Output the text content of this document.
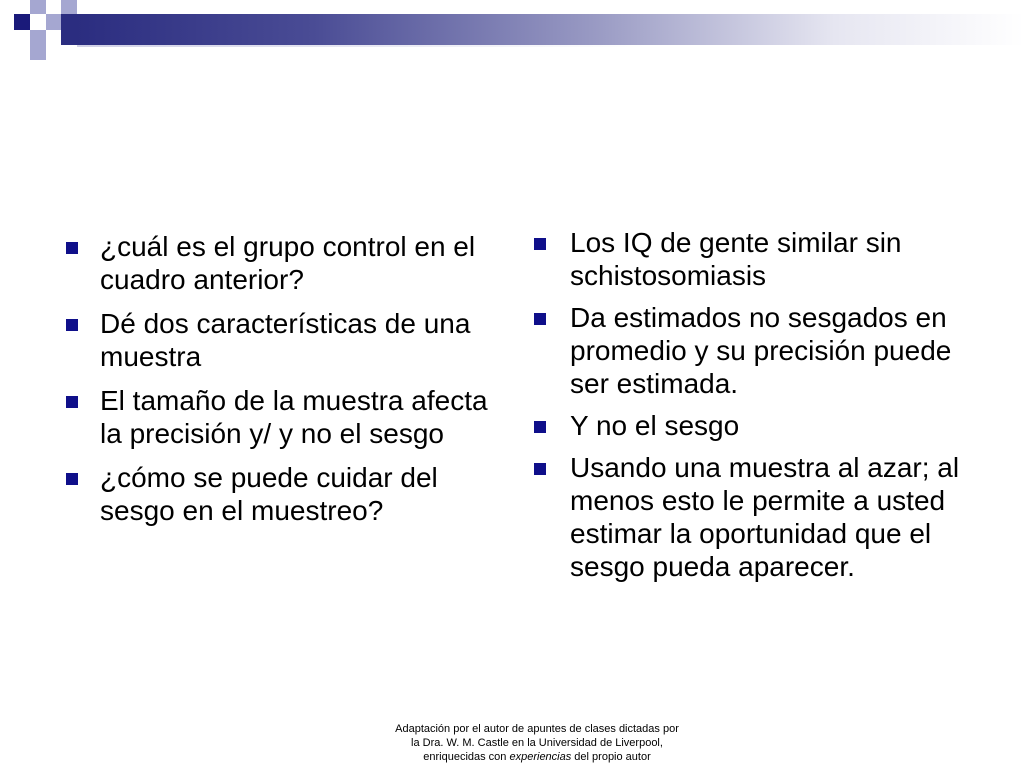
¿cuál es el grupo control en el cuadro anterior?
Dé dos características de una muestra
El tamaño de la muestra afecta la precisión y/ y no el sesgo
¿cómo se puede cuidar del sesgo en el muestreo?
Los IQ de gente similar sin schistosomiasis
Da estimados no sesgados en promedio y su precisión puede ser estimada.
Y no el sesgo
Usando una muestra al azar; al menos esto le permite a usted estimar la oportunidad que el sesgo pueda aparecer.
Adaptación por el autor de apuntes de clases dictadas por
la Dra. W. M. Castle en la Universidad de Liverpool,
enriquecidas con experiencias del propio autor
